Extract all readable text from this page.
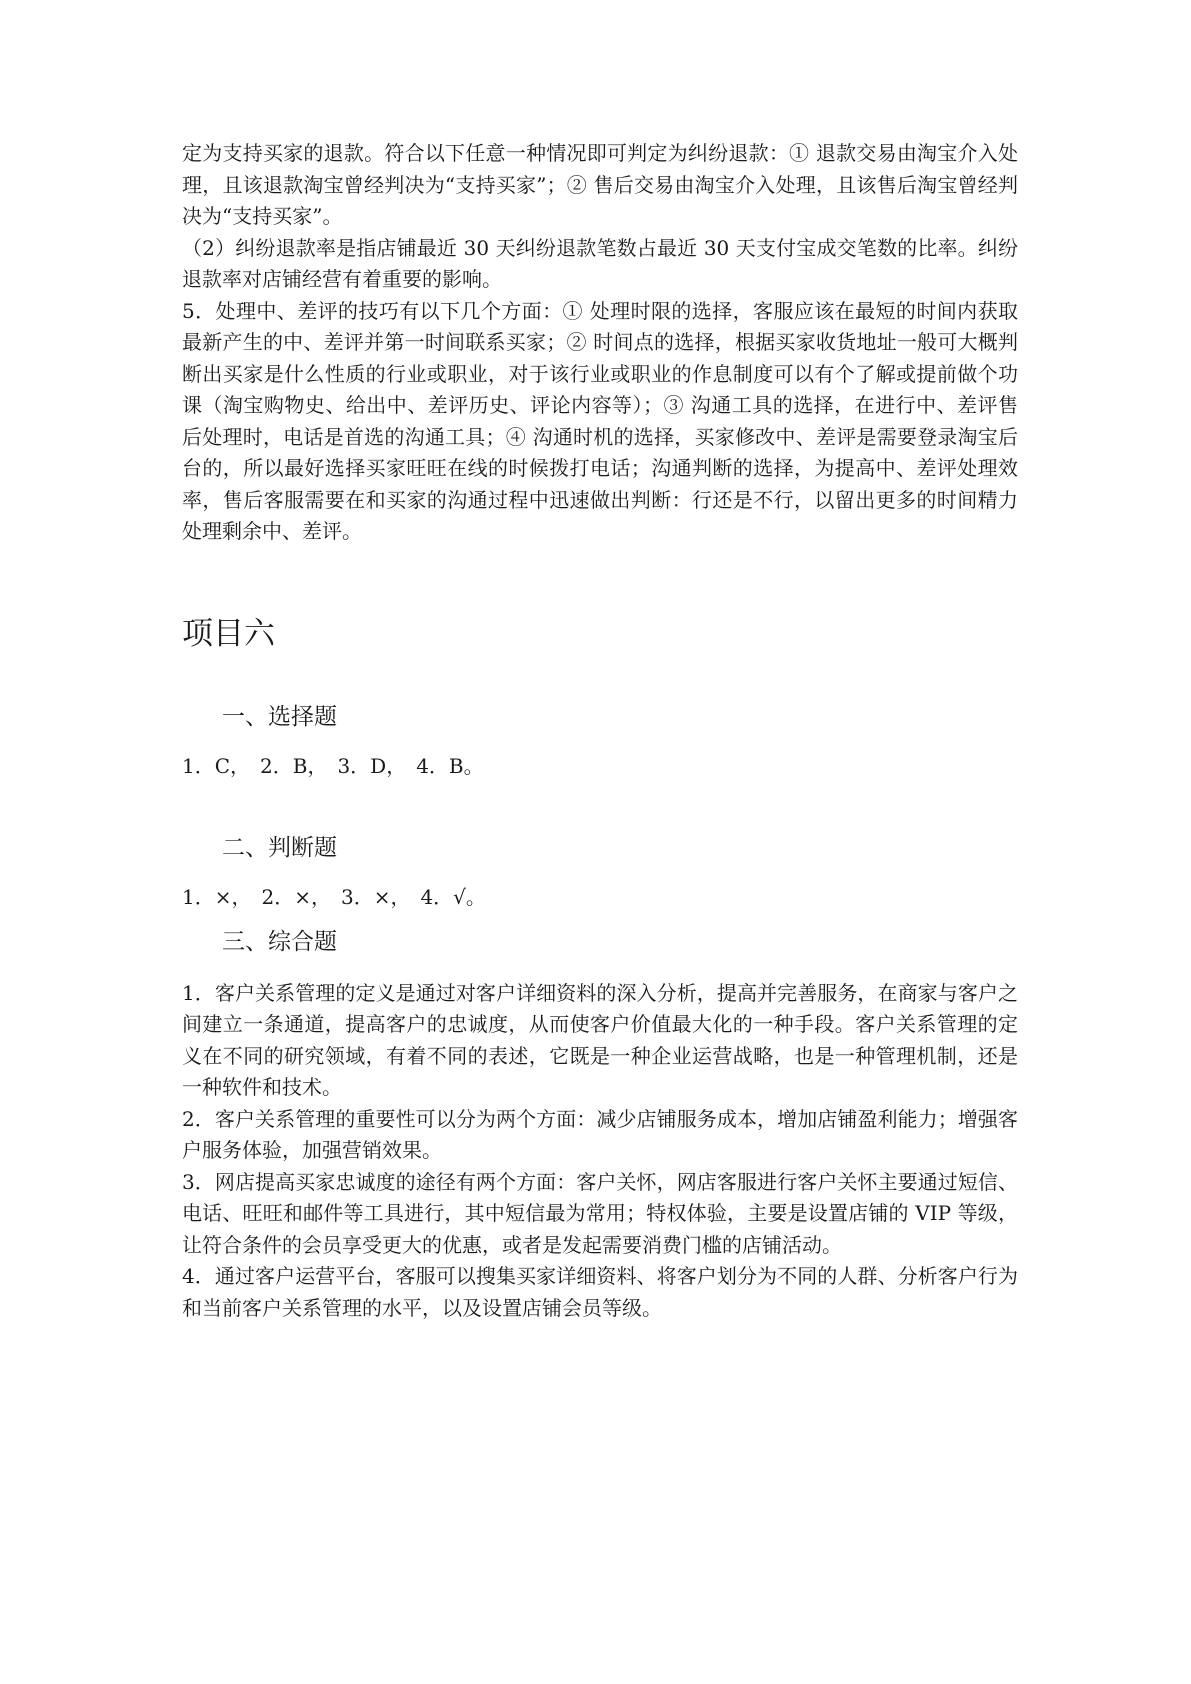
定为支持买家的退款。符合以下任意一种情况即可判定为纠纷退款：① 退款交易由淘宝介入处理，且该退款淘宝曾经判决为“支持买家”；② 售后交易由淘宝介入处理，且该售后淘宝曾经判决为“支持买家”。

（2）纠纷退款率是指店铺最近 30 天纠纷退款笔数占最近 30 天支付宝成交笔数的比率。纠纷退款率对店铺经营有着重要的影响。

5．处理中、差评的技巧有以下几个方面：① 处理时限的选择，客服应该在最短的时间内获取最新产生的中、差评并第一时间联系买家；② 时间点的选择，根据买家收货地址一般可大概判断出买家是什么性质的行业或职业，对于该行业或职业的作息制度可以有个了解或提前做个功课（淘宝购物史、给出中、差评历史、评论内容等）；③ 沟通工具的选择，在进行中、差评售后处理时，电话是首选的沟通工具；④ 沟通时机的选择，买家修改中、差评是需要登录淘宝后台的，所以最好选择买家旺旺在线的时候拨打电话；沟通判断的选择，为提高中、差评处理效率，售后客服需要在和买家的沟通过程中迅速做出判断：行还是不行，以留出更多的时间精力处理剩余中、差评。

项目六
一、选择题

1．C，　2．B，　3．D，　4．B。

二、判断题

1．×，　2．×，　3．×，　4．√。

三、综合题

1．客户关系管理的定义是通过对客户详细资料的深入分析，提高并完善服务，在商家与客户之间建立一条通道，提高客户的忠诚度，从而使客户价值最大化的一种手段。客户关系管理的定义在不同的研究领域，有着不同的表述，它既是一种企业运营战略，也是一种管理机制，还是一种软件和技术。

2．客户关系管理的重要性可以分为两个方面：减少店铺服务成本，增加店铺盈利能力；增强客户服务体验，加强营销效果。

3．网店提高买家忠诚度的途径有两个方面：客户关怀，网店客服进行客户关怀主要通过短信、电话、旺旺和邮件等工具进行，其中短信最为常用；特权体验，主要是设置店铺的 VIP 等级，让符合条件的会员享受更大的优惠，或者是发起需要消费门槛的店铺活动。

4．通过客户运营平台，客服可以搜集买家详细资料、将客户划分为不同的人群、分析客户行为和当前客户关系管理的水平，以及设置店铺会员等级。
